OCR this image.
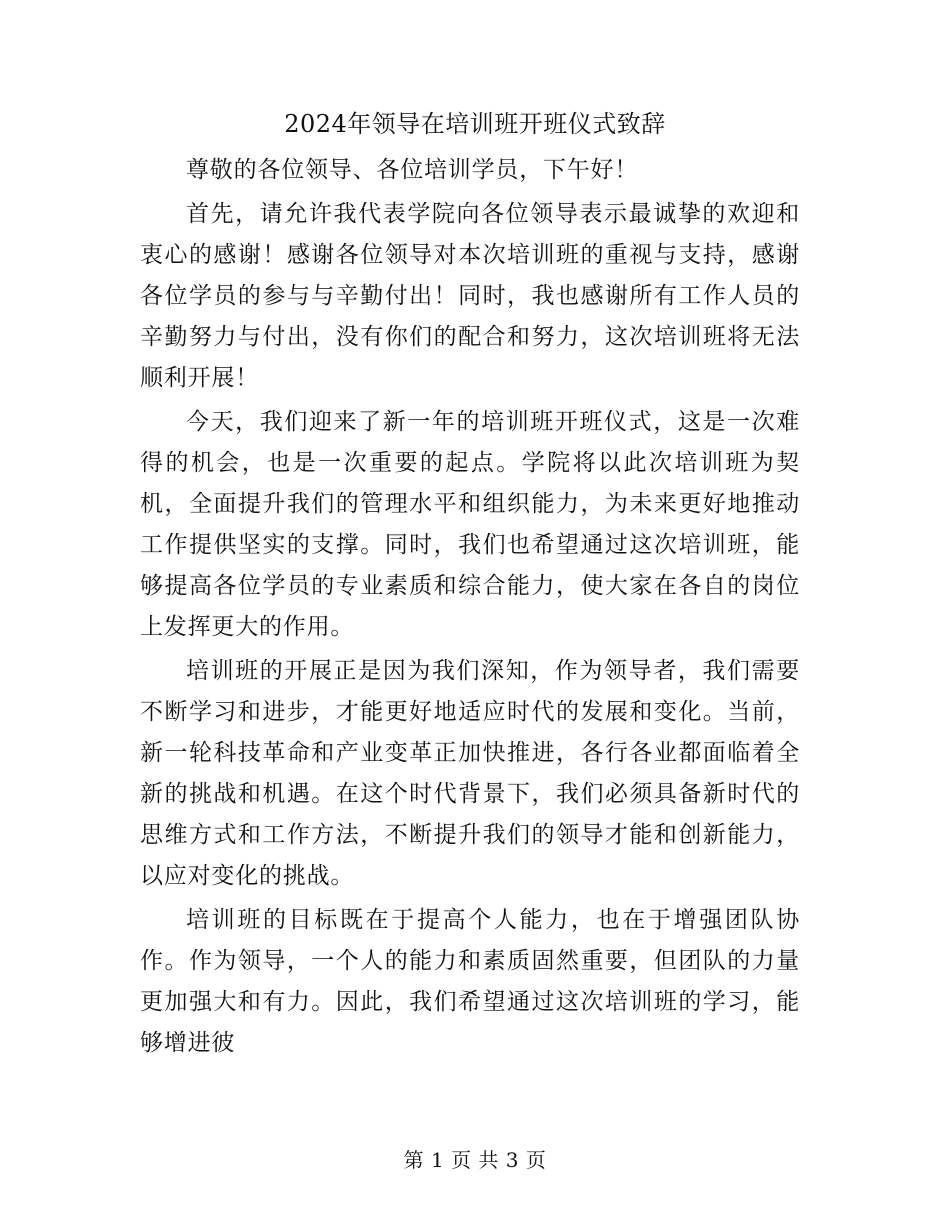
2024年领导在培训班开班仪式致辞

尊敬的各位领导、各位培训学员，下午好！

首先，请允许我代表学院向各位领导表示最诚挚的欢迎和衷心的感谢！感谢各位领导对本次培训班的重视与支持，感谢各位学员的参与与辛勤付出！同时，我也感谢所有工作人员的辛勤努力与付出，没有你们的配合和努力，这次培训班将无法顺利开展！

今天，我们迎来了新一年的培训班开班仪式，这是一次难得的机会，也是一次重要的起点。学院将以此次培训班为契机，全面提升我们的管理水平和组织能力，为未来更好地推动工作提供坚实的支撑。同时，我们也希望通过这次培训班，能够提高各位学员的专业素质和综合能力，使大家在各自的岗位上发挥更大的作用。

培训班的开展正是因为我们深知，作为领导者，我们需要不断学习和进步，才能更好地适应时代的发展和变化。当前，新一轮科技革命和产业变革正加快推进，各行各业都面临着全新的挑战和机遇。在这个时代背景下，我们必须具备新时代的思维方式和工作方法，不断提升我们的领导才能和创新能力，以应对变化的挑战。

培训班的目标既在于提高个人能力，也在于增强团队协作。作为领导，一个人的能力和素质固然重要，但团队的力量更加强大和有力。因此，我们希望通过这次培训班的学习，能够增进彼

第 1 页 共 3 页
